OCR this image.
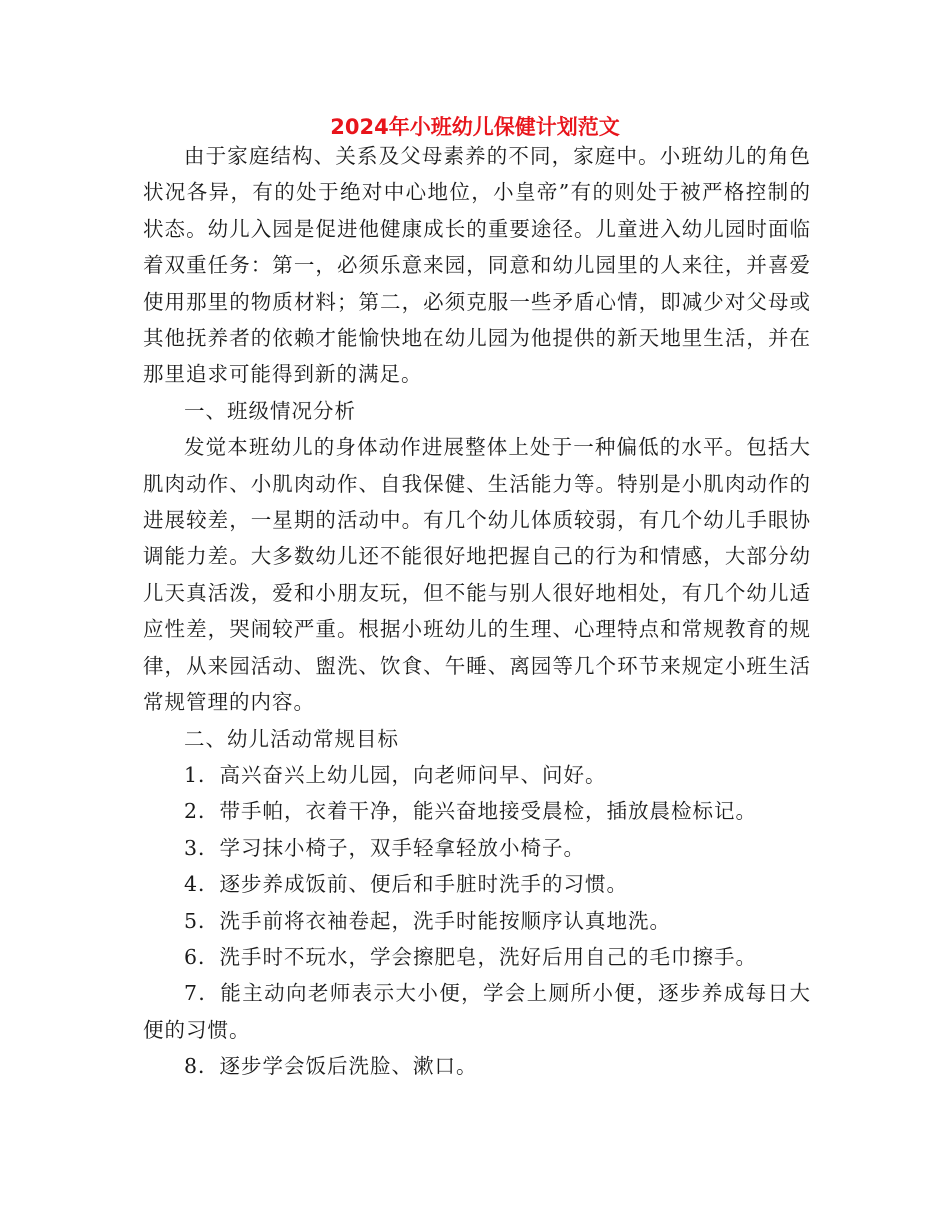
2024年小班幼儿保健计划范文

由于家庭结构、关系及父母素养的不同，家庭中。小班幼儿的角色状况各异，有的处于绝对中心地位，小皇帝”有的则处于被严格控制的状态。幼儿入园是促进他健康成长的重要途径。儿童进入幼儿园时面临着双重任务：第一，必须乐意来园，同意和幼儿园里的人来往，并喜爱使用那里的物质材料；第二，必须克服一些矛盾心情，即减少对父母或其他抚养者的依赖才能愉快地在幼儿园为他提供的新天地里生活，并在那里追求可能得到新的满足。

一、班级情况分析

发觉本班幼儿的身体动作进展整体上处于一种偏低的水平。包括大肌肉动作、小肌肉动作、自我保健、生活能力等。特别是小肌肉动作的进展较差，一星期的活动中。有几个幼儿体质较弱，有几个幼儿手眼协调能力差。大多数幼儿还不能很好地把握自己的行为和情感，大部分幼儿天真活泼，爱和小朋友玩，但不能与别人很好地相处，有几个幼儿适应性差，哭闹较严重。根据小班幼儿的生理、心理特点和常规教育的规律，从来园活动、盥洗、饮食、午睡、离园等几个环节来规定小班生活常规管理的内容。

二、幼儿活动常规目标

1．高兴奋兴上幼儿园，向老师问早、问好。

2．带手帕，衣着干净，能兴奋地接受晨检，插放晨检标记。

3．学习抹小椅子，双手轻拿轻放小椅子。

4．逐步养成饭前、便后和手脏时洗手的习惯。

5．洗手前将衣袖卷起，洗手时能按顺序认真地洗。

6．洗手时不玩水，学会擦肥皂，洗好后用自己的毛巾擦手。

7．能主动向老师表示大小便，学会上厕所小便，逐步养成每日大便的习惯。

8．逐步学会饭后洗脸、漱口。
